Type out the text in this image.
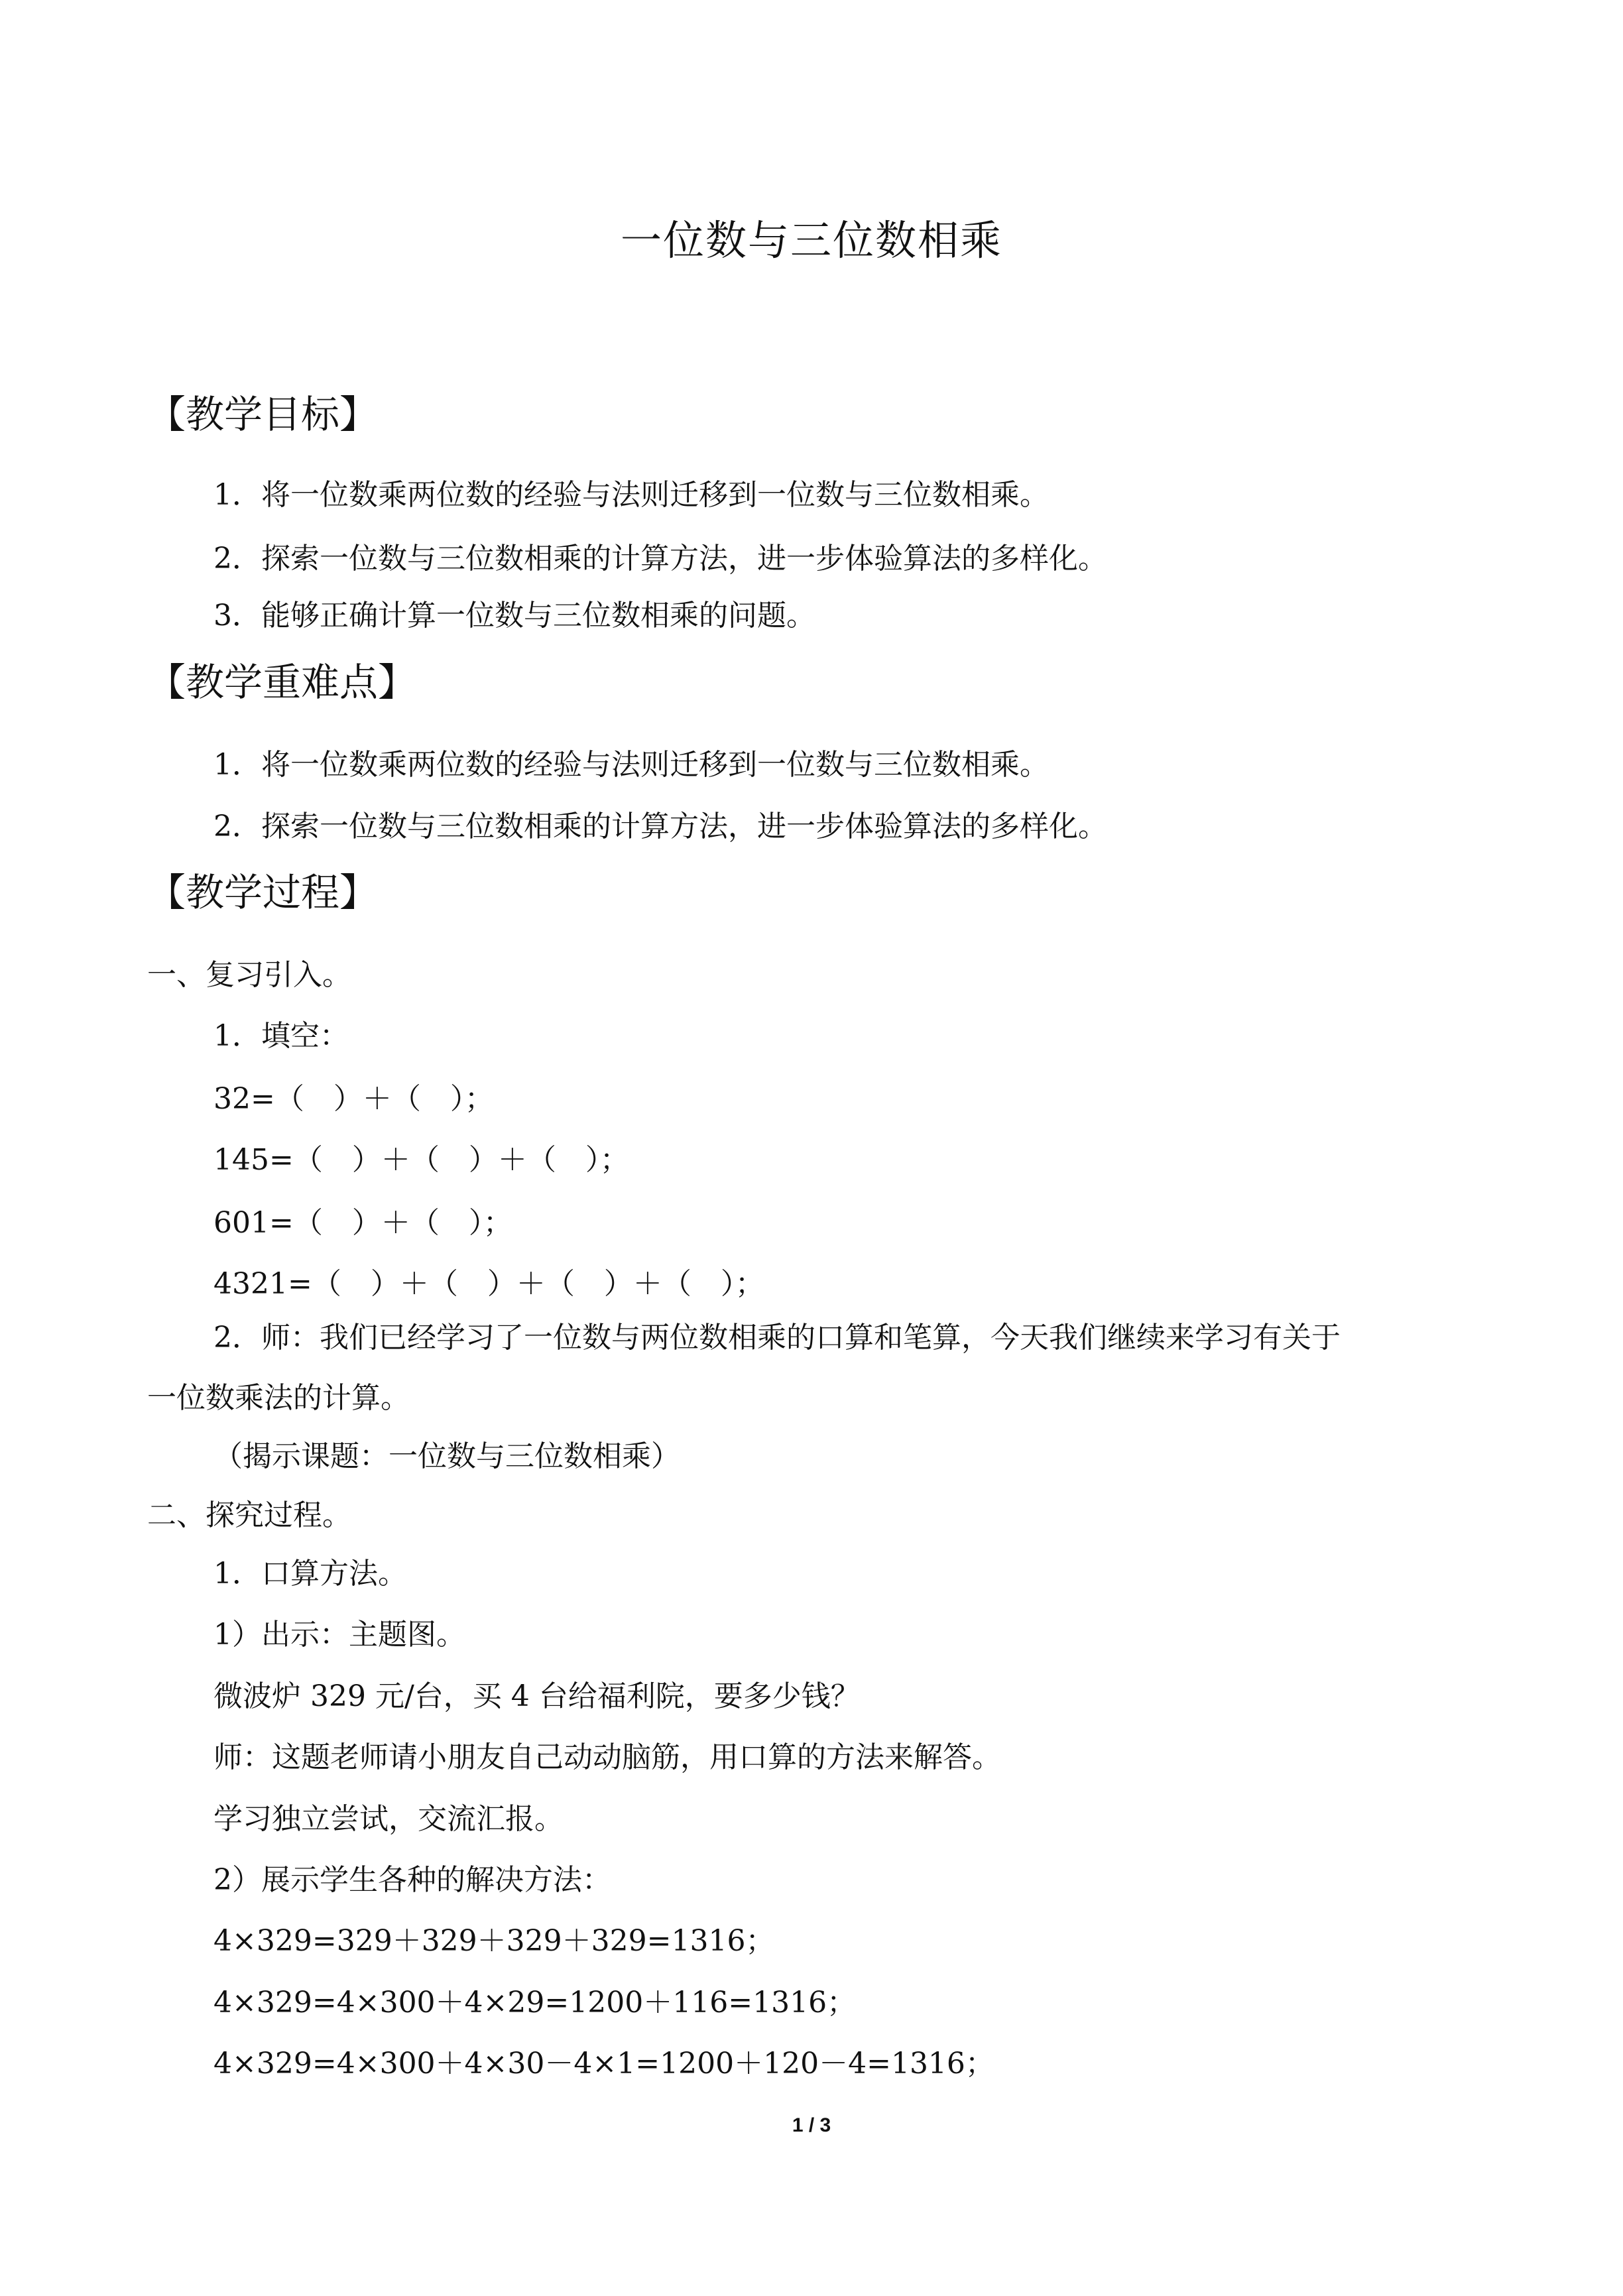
一位数与三位数相乘
【教学目标】
1．将一位数乘两位数的经验与法则迁移到一位数与三位数相乘。
2．探索一位数与三位数相乘的计算方法，进一步体验算法的多样化。
3．能够正确计算一位数与三位数相乘的问题。
【教学重难点】
1．将一位数乘两位数的经验与法则迁移到一位数与三位数相乘。
2．探索一位数与三位数相乘的计算方法，进一步体验算法的多样化。
【教学过程】
一、复习引入。
1．填空：
32=（　）＋（　）；
145=（　）＋（　）＋（　）；
601=（　）＋（　）；
4321=（　）＋（　）＋（　）＋（　）；
2．师：我们已经学习了一位数与两位数相乘的口算和笔算，今天我们继续来学习有关于
一位数乘法的计算。
（揭示课题：一位数与三位数相乘）
二、探究过程。
1．口算方法。
1）出示：主题图。
微波炉 329 元/台，买 4 台给福利院，要多少钱？
师：这题老师请小朋友自己动动脑筋，用口算的方法来解答。
学习独立尝试，交流汇报。
2）展示学生各种的解决方法：
4×329=329＋329＋329＋329=1316；
4×329=4×300＋4×29=1200＋116=1316；
4×329=4×300＋4×30－4×1=1200＋120－4=1316；
1 / 3
